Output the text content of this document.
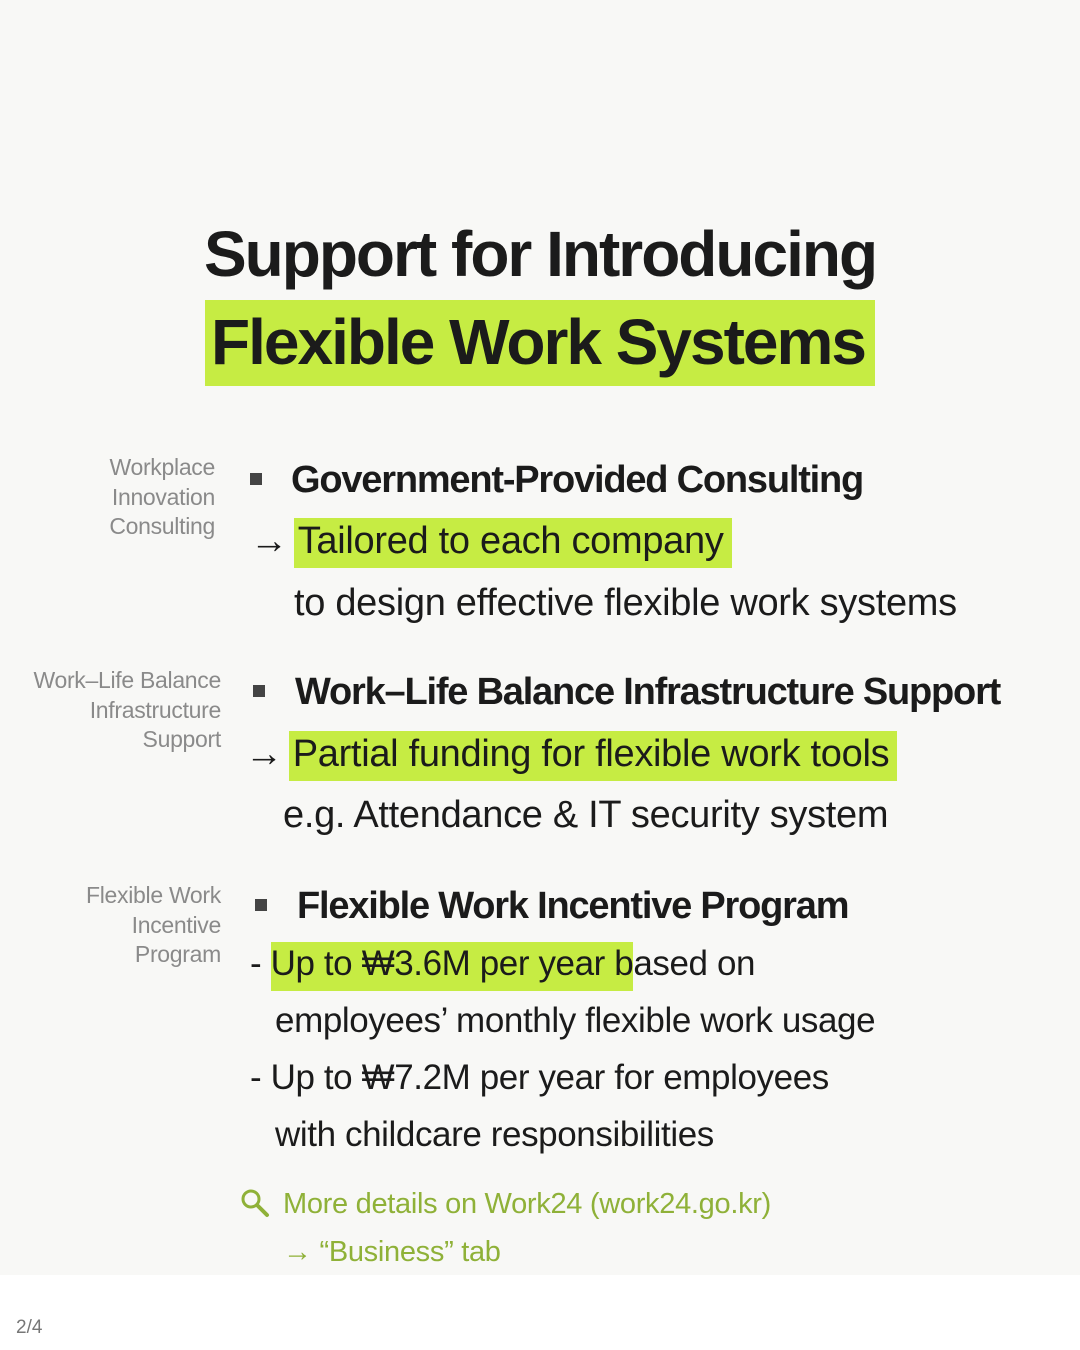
Support for Introducing
Flexible Work Systems
Workplace
Innovation
Consulting
Government-Provided Consulting
→ Tailored to each company
to design effective flexible work systems
Work–Life Balance
Infrastructure
Support
Work–Life Balance Infrastructure Support
→ Partial funding for flexible work tools
e.g. Attendance & IT security system
Flexible Work
Incentive
Program
Flexible Work Incentive Program
- Up to ₩3.6M per year based on
employees’ monthly flexible work usage
- Up to ₩7.2M per year for employees
with childcare responsibilities
More details on Work24 (work24.go.kr)
→ “Business” tab
2/4
